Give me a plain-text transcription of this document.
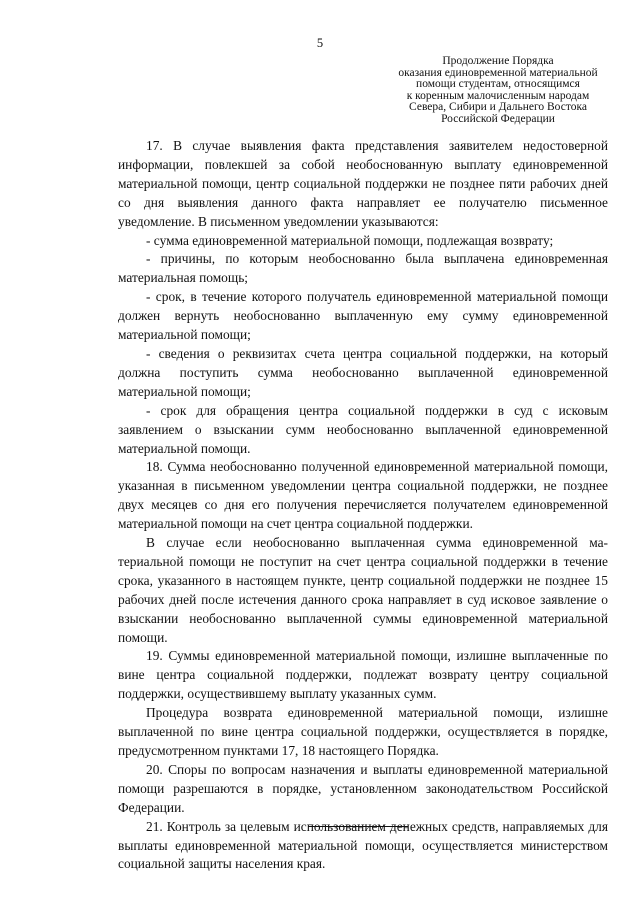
5
Продолжение Порядка
оказания единовременной материальной
помощи студентам, относящимся
к коренным малочисленным народам
Севера, Сибири и Дальнего Востока
Российской Федерации

17. В случае выявления факта представления заявителем недостоверной информации, повлекшей за собой необоснованную выплату единовременной материальной помощи, центр социальной поддержки не позднее пяти рабочих дней со дня выявления данного факта направляет ее получателю письменное уведомление. В письменном уведомлении указываются:

- сумма единовременной материальной помощи, подлежащая возврату;

- причины, по которым необоснованно была выплачена единовременная материальная помощь;

- срок, в течение которого получатель единовременной материальной помощи должен вернуть необоснованно выплаченную ему сумму единовременной материальной помощи;

- сведения о реквизитах счета центра социальной поддержки, на который должна поступить сумма необоснованно выплаченной единовременной материальной помощи;

- срок для обращения центра социальной поддержки в суд с исковым заявлением о взыскании сумм необоснованно выплаченной единовременной материальной помощи.

18. Сумма необоснованно полученной единовременной материальной помощи, указанная в письменном уведомлении центра социальной поддержки, не позднее двух месяцев со дня его получения перечисляется получателем единовременной материальной помощи на счет центра социальной поддержки.

В случае если необоснованно выплаченная сумма единовременной материальной помощи не поступит на счет центра социальной поддержки в течение срока, указанного в настоящем пункте, центр социальной поддержки не позднее 15 рабочих дней после истечения данного срока направляет в суд исковое заявление о взыскании необоснованно выплаченной суммы единовременной материальной помощи.

19. Суммы единовременной материальной помощи, излишне выплаченные по вине центра социальной поддержки, подлежат возврату центру социальной поддержки, осуществившему выплату указанных сумм.

Процедура возврата единовременной материальной помощи, излишне выплаченной по вине центра социальной поддержки, осуществляется в порядке, предусмотренном пунктами 17, 18 настоящего Порядка.

20. Споры по вопросам назначения и выплаты единовременной материальной помощи разрешаются в порядке, установленном законодательством Российской Федерации.

21. Контроль за целевым использованием денежных средств, направляемых для выплаты единовременной материальной помощи, осуществляется министерством социальной защиты населения края.
